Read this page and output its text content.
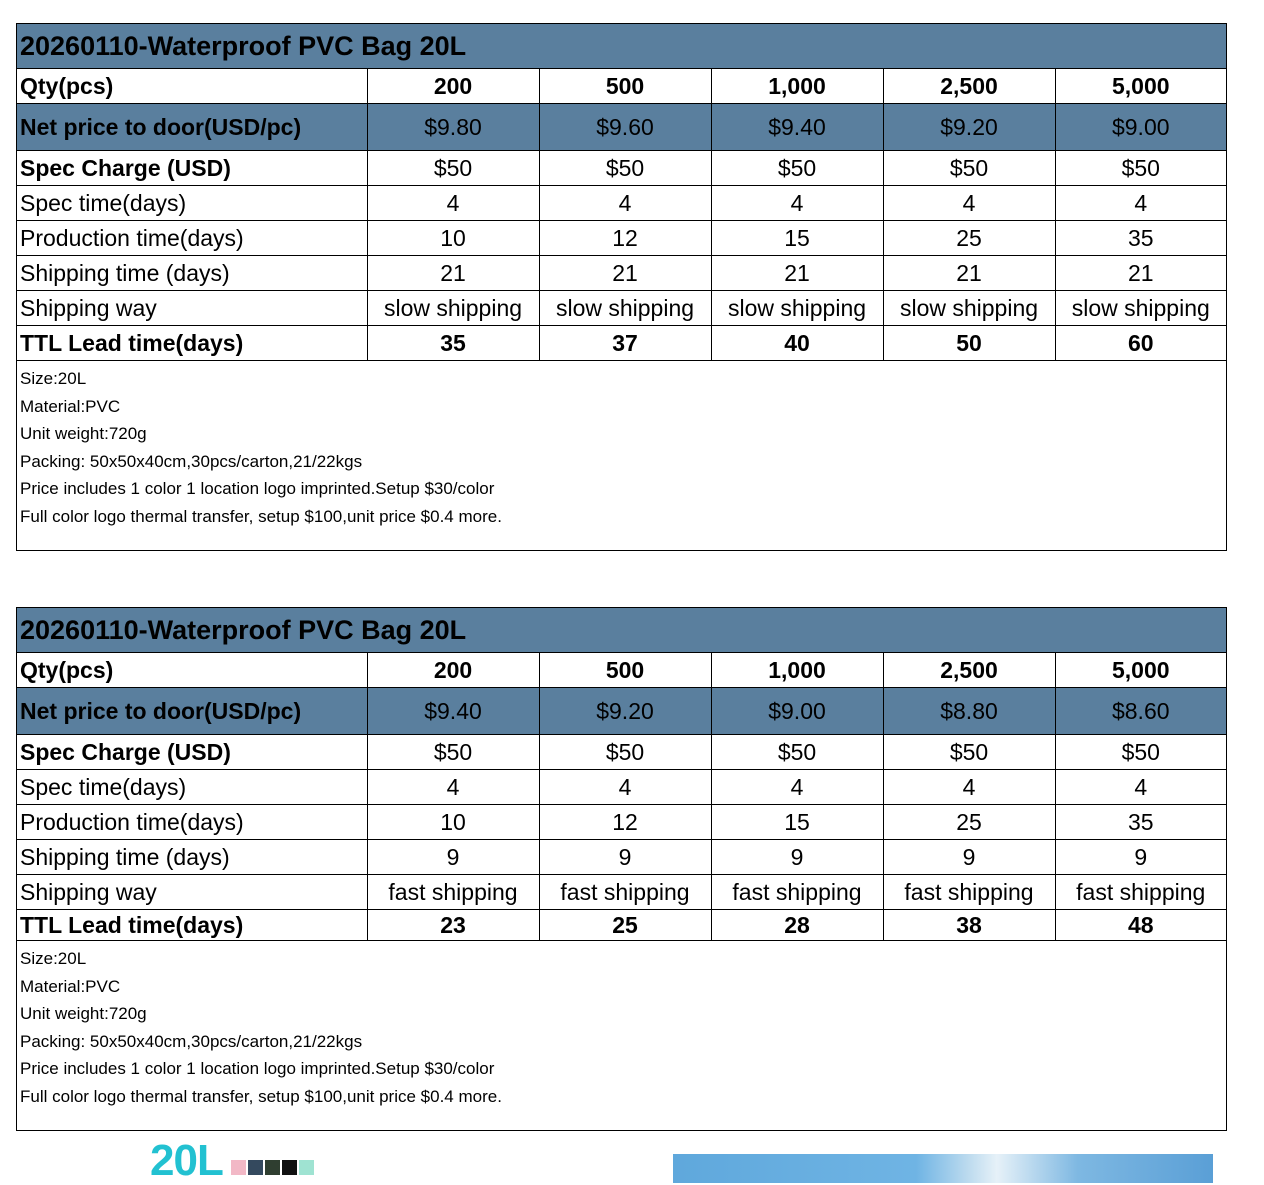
20260110-Waterproof PVC Bag 20L					
Qty(pcs)	200	500	1,000	2,500	5,000
Net price to door(USD/pc)	$9.80	$9.60	$9.40	$9.20	$9.00
Spec Charge (USD)	$50	$50	$50	$50	$50
Spec time(days)	4	4	4	4	4
Production time(days)	10	12	15	25	35
Shipping time (days)	21	21	21	21	21
Shipping way	slow shipping	slow shipping	slow shipping	slow shipping	slow shipping
TTL Lead time(days)	35	37	40	50	60
Size:20L
Material:PVC
Unit weight:720g
Packing: 50x50x40cm,30pcs/carton,21/22kgs
Price includes 1 color 1 location logo imprinted.Setup $30/color
Full color logo thermal transfer, setup $100,unit price $0.4 more.
20260110-Waterproof PVC Bag 20L					
Qty(pcs)	200	500	1,000	2,500	5,000
Net price to door(USD/pc)	$9.40	$9.20	$9.00	$8.80	$8.60
Spec Charge (USD)	$50	$50	$50	$50	$50
Spec time(days)	4	4	4	4	4
Production time(days)	10	12	15	25	35
Shipping time (days)	9	9	9	9	9
Shipping way	fast shipping	fast shipping	fast shipping	fast shipping	fast shipping
TTL Lead time(days)	23	25	28	38	48
Size:20L
Material:PVC
Unit weight:720g
Packing: 50x50x40cm,30pcs/carton,21/22kgs
Price includes 1 color 1 location logo imprinted.Setup $30/color
Full color logo thermal transfer, setup $100,unit price $0.4 more.
20L
